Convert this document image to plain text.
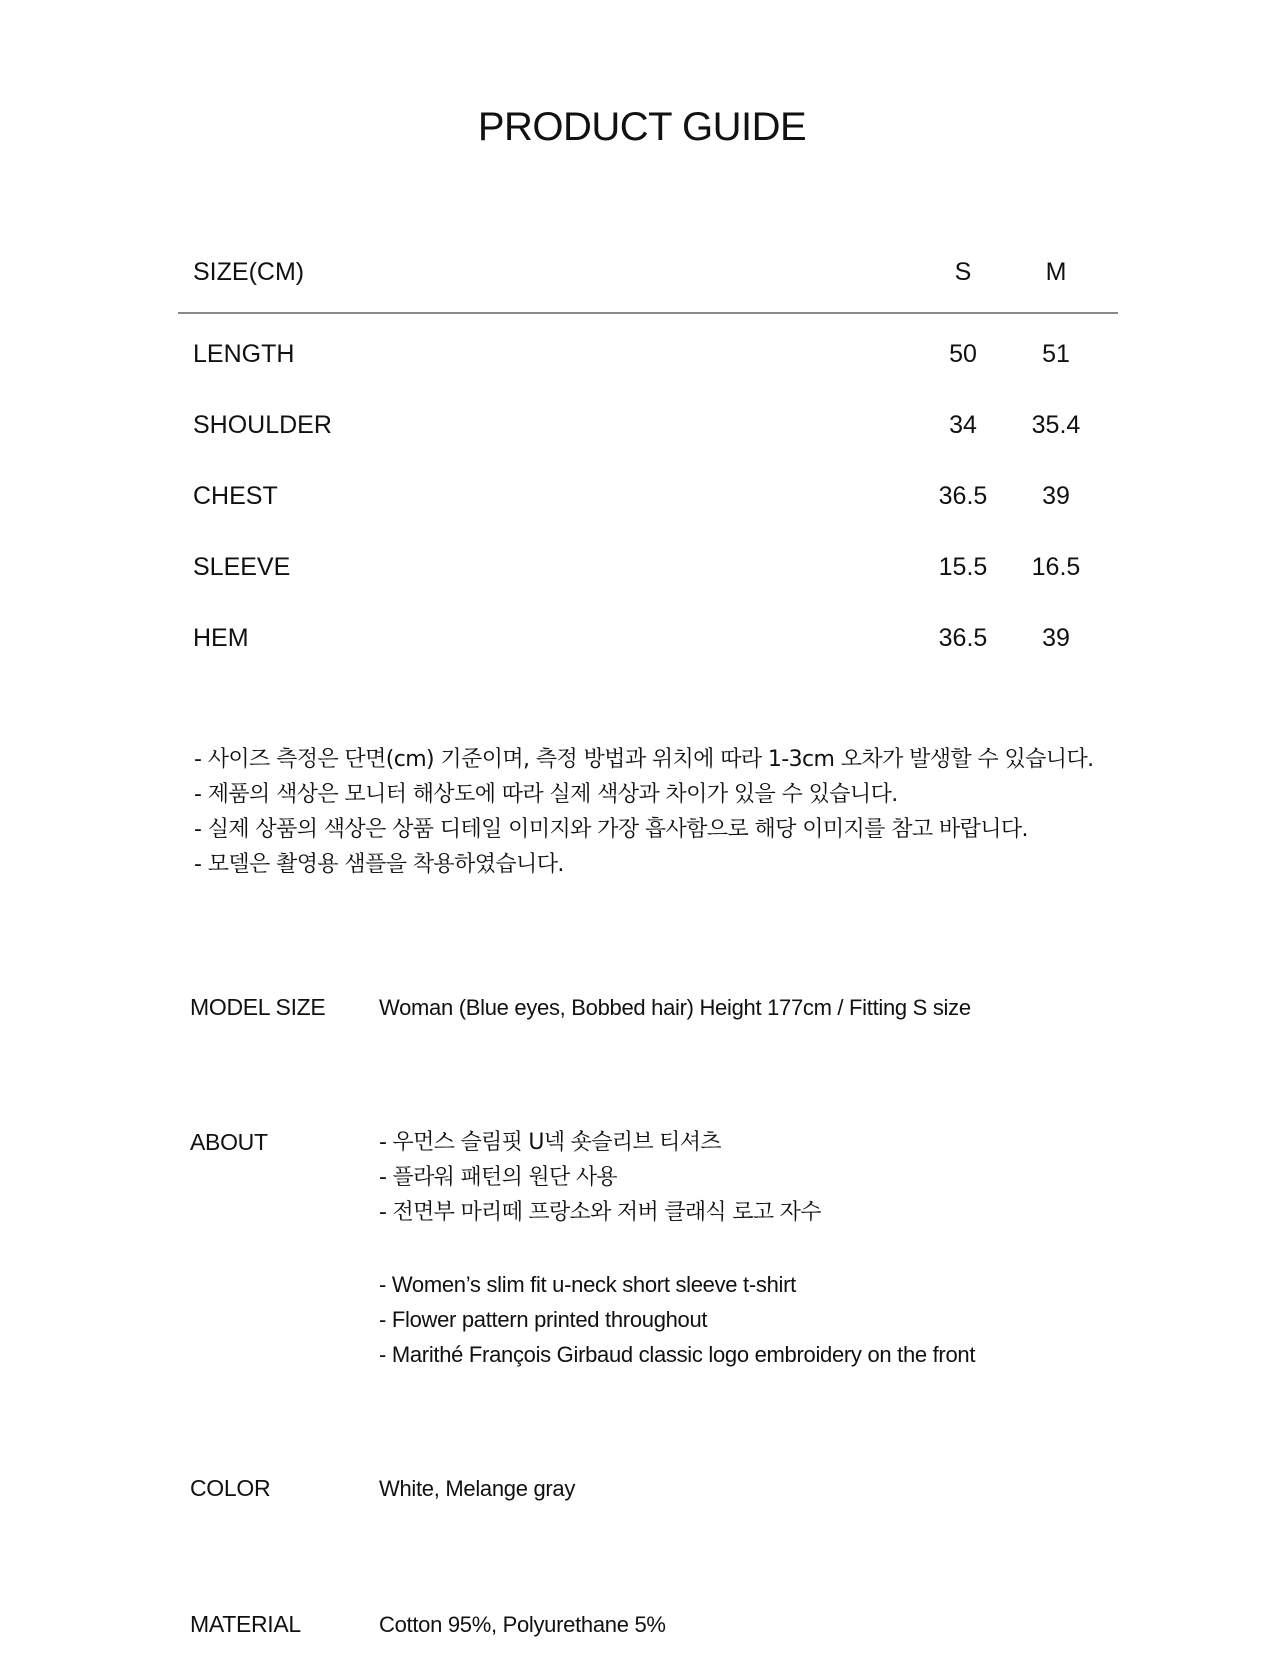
PRODUCT GUIDE
SIZE(CM)	S	M
LENGTH	50	51
SHOULDER	34	35.4
CHEST	36.5	39
SLEEVE	15.5	16.5
HEM	36.5	39
- 사이즈 측정은 단면(cm) 기준이며, 측정 방법과 위치에 따라 1-3cm 오차가 발생할 수 있습니다.
- 제품의 색상은 모니터 해상도에 따라 실제 색상과 차이가 있을 수 있습니다.
- 실제 상품의 색상은 상품 디테일 이미지와 가장 흡사함으로 해당 이미지를 참고 바랍니다.
- 모델은 촬영용 샘플을 착용하였습니다.
MODEL SIZE Woman (Blue eyes, Bobbed hair) Height 177cm / Fitting S size
ABOUT	- 우먼스 슬림핏 U넥 숏슬리브 티셔츠
- 플라워 패턴의 원단 사용
- 전면부 마리떼 프랑소와 저버 클래식 로고 자수
- Women’s slim fit u-neck short sleeve t-shirt
- Flower pattern printed throughout
- Marithé François Girbaud classic logo embroidery on the front
COLOR	White, Melange gray
MATERIAL	Cotton 95%, Polyurethane 5%
